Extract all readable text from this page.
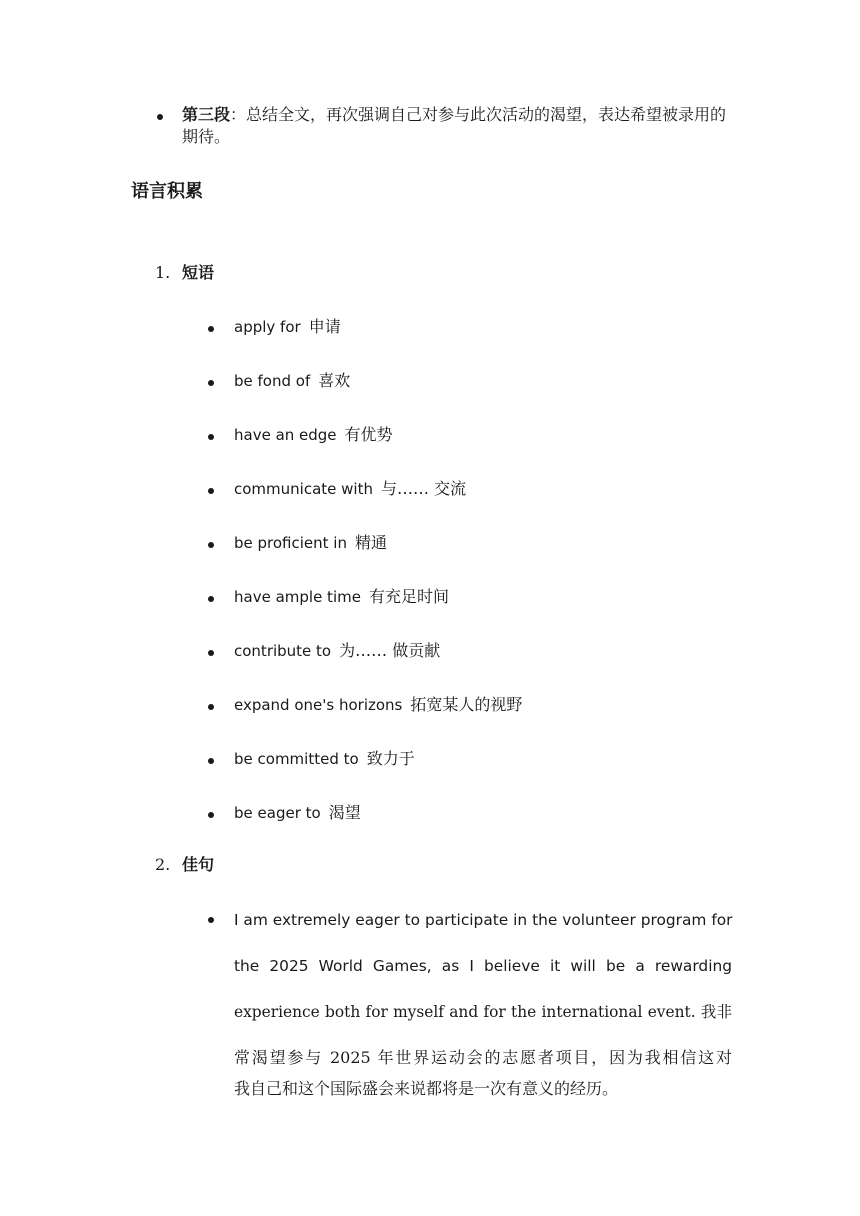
第三段：总结全文，再次强调自己对参与此次活动的渴望，表达希望被录用的期待。
语言积累
1. 短语
apply for 申请
be fond of 喜欢
have an edge 有优势
communicate with 与…… 交流
be proficient in 精通
have ample time 有充足时间
contribute to 为…… 做贡献
expand one's horizons 拓宽某人的视野
be committed to 致力于
be eager to 渴望
2. 佳句
I am extremely eager to participate in the volunteer program for
the 2025 World Games, as I believe it will be a rewarding
experience both for myself and for the international event. 我非
常渴望参与 2025 年世界运动会的志愿者项目，因为我相信这对
我自己和这个国际盛会来说都将是一次有意义的经历。
